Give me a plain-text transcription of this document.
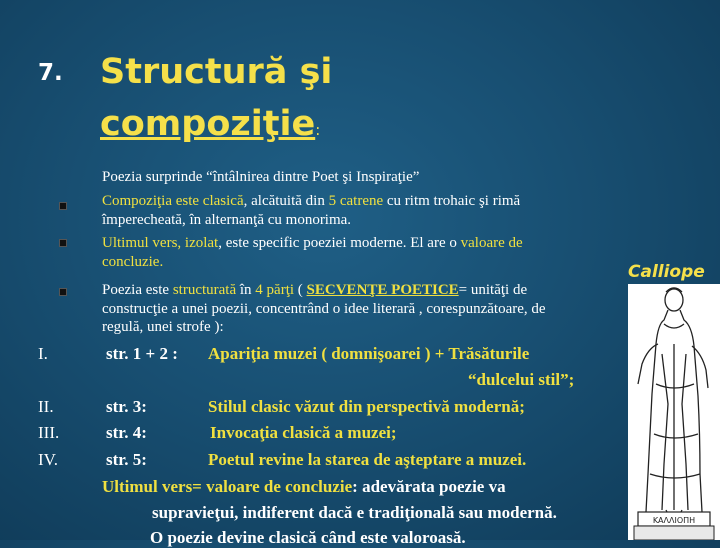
7. Structură şi
compoziţie:
Poezia surprinde “întâlnirea dintre Poet şi Inspiraţie”
Compoziţia este clasică, alcătuită din 5 catrene cu ritm trohaic şi rimă
împerecheată, în alternanţă cu monorima.
Ultimul vers, izolat, este specific poeziei moderne. El are o valoare de
concluzie.
Poezia este structurată în 4 părţi ( SECVENŢE POETICE= unităţi de
construcţie a unei poezii, concentrând o idee literară , corespunzătoare, de
regulă, unei strofe ):
I.	str. 1 + 2 : Apariţia muzei ( domnişoarei ) + Trăsăturile
“dulcelui stil”;
II.	str. 3:	Stilul clasic văzut din perspectivă modernă;
III.	str. 4:	Invocaţia clasică a muzei;
IV.	str. 5:	Poetul revine la starea de aşteptare a muzei.
Ultimul vers= valoare de concluzie: adevărata poezie va
supravieţui, indiferent dacă e tradiţională sau modernă.
O poezie devine clasică când este valoroasă.
Calliope
ΚΑΛΛΙΟΠΗ
